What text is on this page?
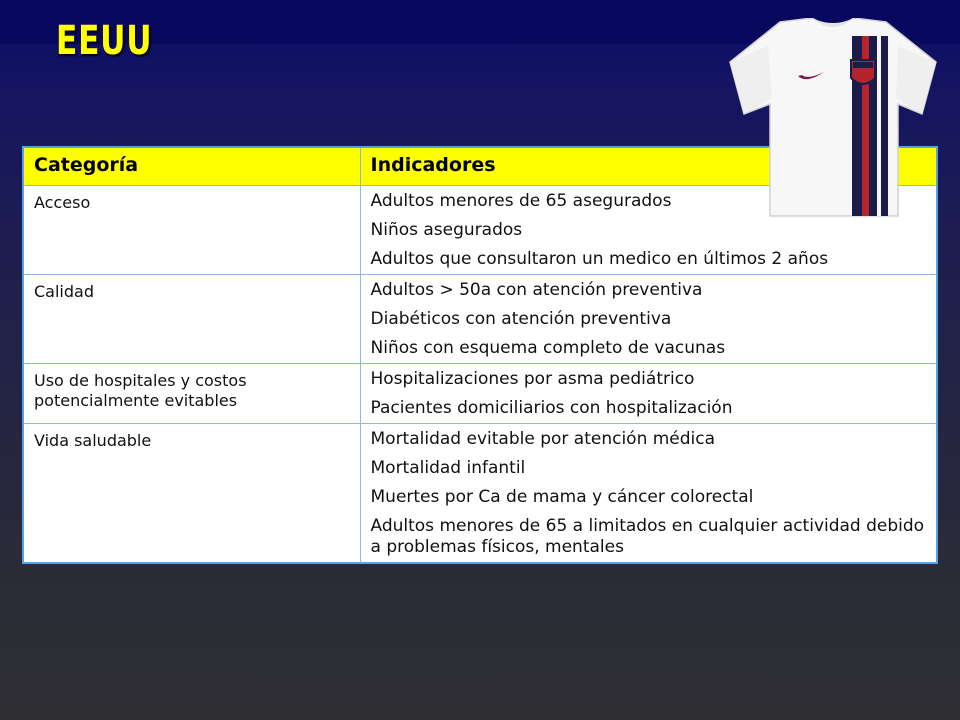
EEUU
Categoría	Indicadores
Acceso	Adultos menores de 65 asegurados
Niños asegurados
Adultos que consultaron un medico en últimos 2 años

Calidad	Adultos > 50a con atención preventiva
Diabéticos con atención preventiva
Niños con esquema completo de vacunas

Uso de hospitales y costos potencialmente evitables	Hospitalizaciones por asma pediátrico
Pacientes domiciliarios con hospitalización

Vida saludable	Mortalidad evitable por atención médica
Mortalidad infantil
Muertes por Ca de mama y cáncer colorectal
Adultos menores de 65 a limitados en cualquier actividad debido a problemas físicos, mentales
